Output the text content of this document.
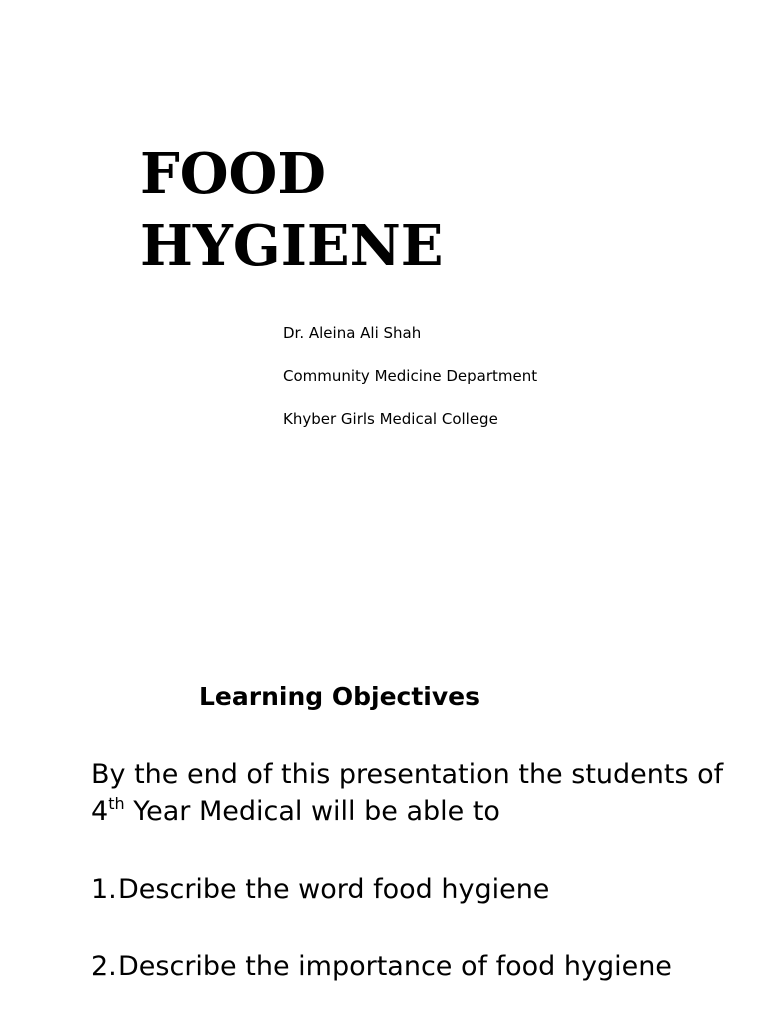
FOOD
HYGIENE
Dr. Aleina Ali Shah
Community Medicine Department
Khyber Girls Medical College
Learning Objectives

By the end of this presentation the students of
4th Year Medical will be able to

1. Describe the word food hygiene
2. Describe the importance of food hygiene
